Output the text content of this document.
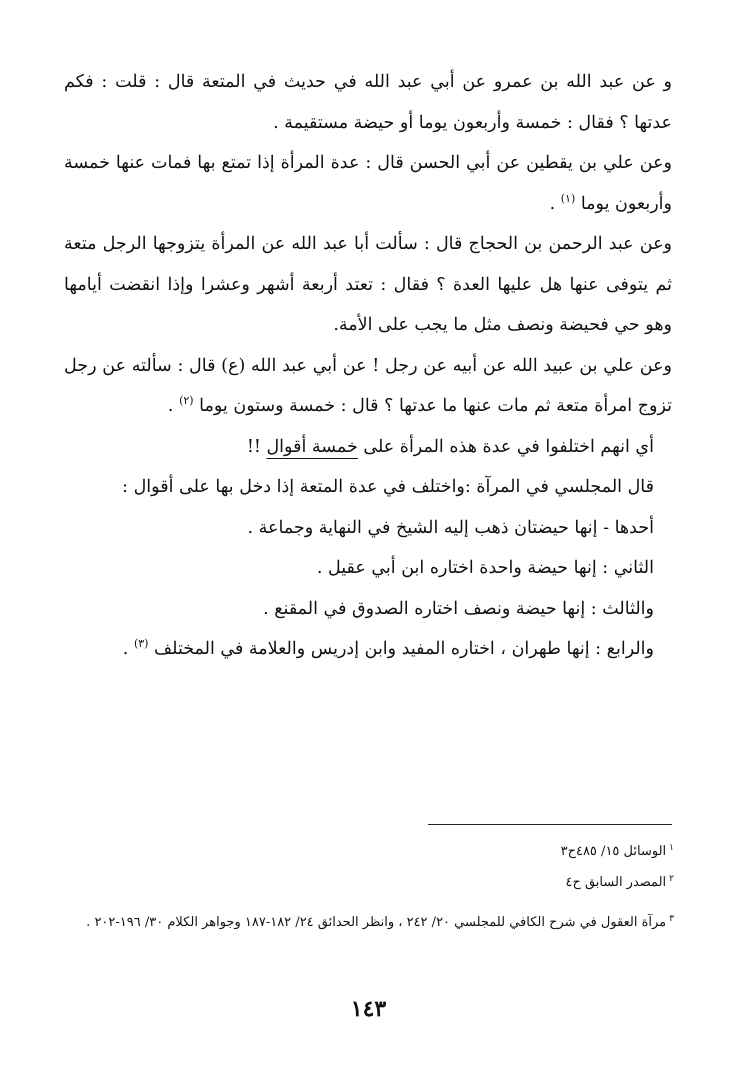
و عن عبد الله بن عمرو عن أبي عبد الله في حديث في المتعة قال : قلت : فكم عدتها ؟ فقال : خمسة وأربعون يوما أو حيضة مستقيمة .

وعن علي بن يقطين عن أبي الحسن قال : عدة المرأة إذا تمتع بها فمات عنها خمسة وأربعون يوما $^{(١)}$ .

وعن عبد الرحمن بن الحجاج قال : سألت أبا عبد الله عن المرأة يتزوجها الرجل متعة ثم يتوفى عنها هل عليها العدة ؟ فقال : تعتد أربعة أشهر وعشرا وإذا انقضت أيامها وهو حي فحيضة ونصف مثل ما يجب على الأمة.

وعن علي بن عبيد الله عن أبيه عن رجل ! عن أبي عبد الله (ع) قال : سألته عن رجل تزوج امرأة متعة ثم مات عنها ما عدتها ؟ قال : خمسة وستون يوما $^{(٢)}$ .

أي انهم اختلفوا في عدة هذه المرأة على خمسة أقوال !!

قال المجلسي في المرآة :واختلف في عدة المتعة إذا دخل بها على أقوال :

أحدها - إنها حيضتان ذهب إليه الشيخ في النهاية وجماعة .

الثاني : إنها حيضة واحدة اختاره ابن أبي عقيل .

والثالث : إنها حيضة ونصف اختاره الصدوق في المقنع .

والرابع : إنها طهران ، اختاره المفيد وابن إدريس والعلامة في المختلف $^{(٣)}$ .

$^١$الوسائل ١٥/ ٤٨٥ح٣

$^٢$المصدر السابق ح٤

$^٣$مرآة العقول في شرح الكافي للمجلسي ٢٠/ ٢٤٢ ، وانظر الحدائق ٢٤/ ١٨٢-١٨٧ وجواهر الكلام ٣٠/ ١٩٦-٢٠٢ .

١٤٣
